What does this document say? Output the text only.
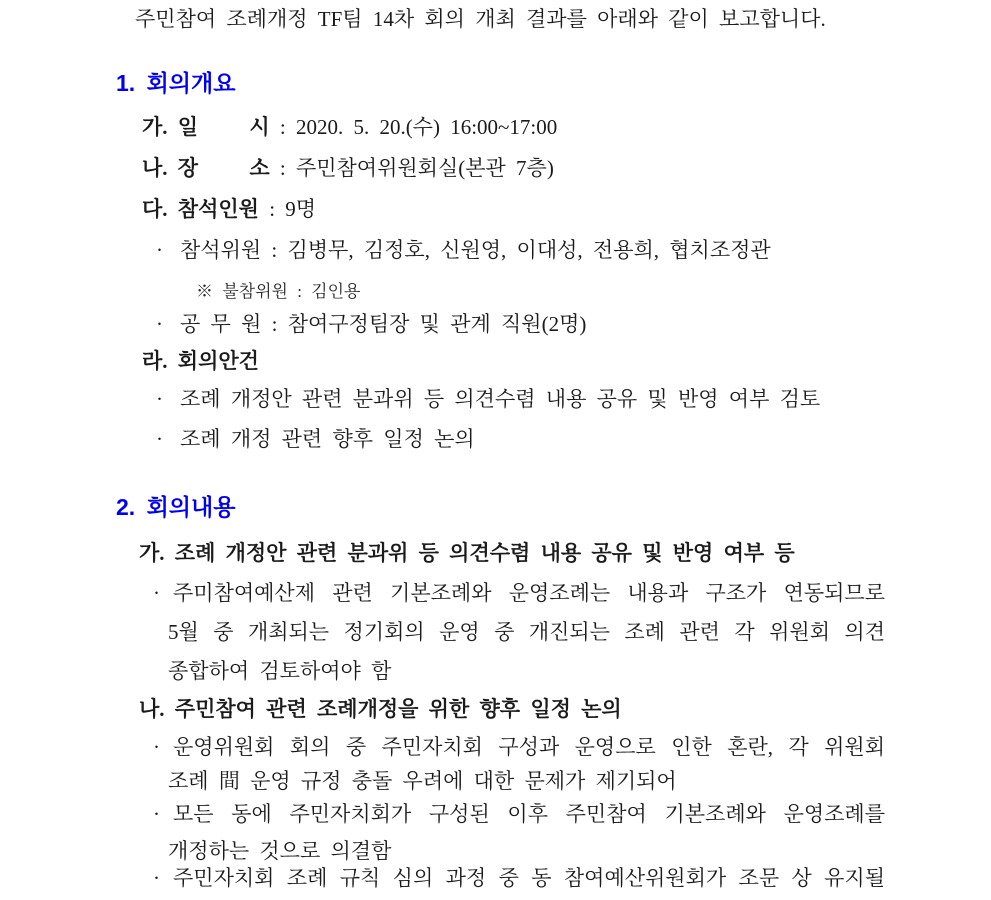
주민참여 조례개정 TF팀 14차 회의 개최 결과를 아래와 같이 보고합니다.
1. 회의개요
가. 일     시 : 2020. 5. 20.(수) 16:00~17:00
나. 장     소 : 주민참여위원회실(본관 7층)
다. 참석인원 : 9명
· 참석위원 : 김병무, 김정호, 신원영, 이대성, 전용희, 협치조정관
※ 불참위원 : 김인용
· 공 무 원 : 참여구정팀장 및 관계 직원(2명)
라. 회의안건
· 조례 개정안 관련 분과위 등 의견수렴 내용 공유 및 반영 여부 검토
· 조례 개정 관련 향후 일정 논의
2. 회의내용
가. 조례 개정안 관련 분과위 등 의견수렴 내용 공유 및 반영 여부 등
· 주미참여예산제 관련 기본조례와 운영조례는 내용과 구조가 연동되므로
5월 중 개최되는 정기회의 운영 중 개진되는 조례 관련 각 위원회 의견
종합하여 검토하여야 함
나. 주민참여 관련 조례개정을 위한 향후 일정 논의
· 운영위원회 회의 중 주민자치회 구성과 운영으로 인한 혼란, 각 위원회
조례 間 운영 규정 충돌 우려에 대한 문제가 제기되어
· 모든 동에 주민자치회가 구성된 이후 주민참여 기본조례와 운영조례를
개정하는 것으로 의결함
· 주민자치회 조례 규칙 심의 과정 중 동 참여예산위원회가 조문 상 유지될
